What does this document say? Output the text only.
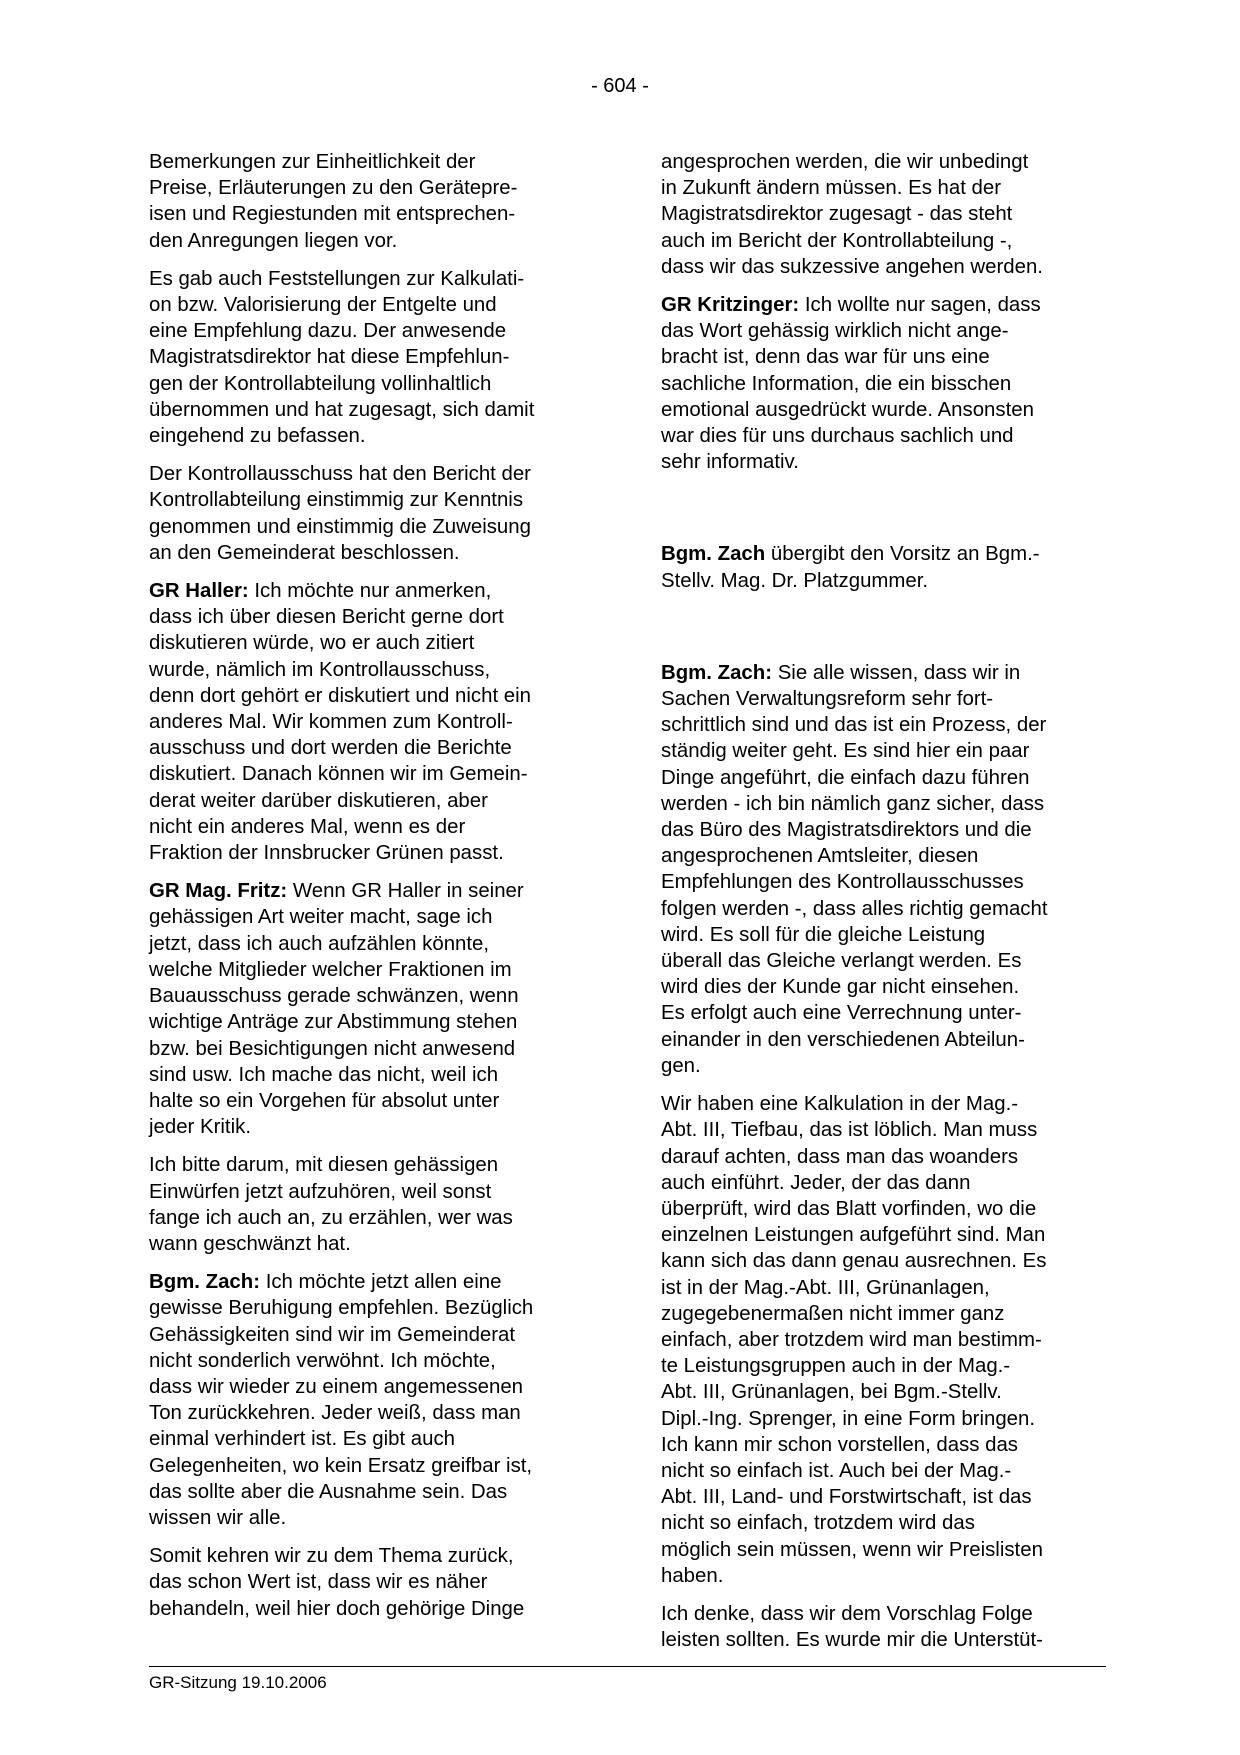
- 604 -

Bemerkungen zur Einheitlichkeit der
Preise, Erläuterungen zu den Gerätepre-
isen und Regiestunden mit entsprechen-
den Anregungen liegen vor.

Es gab auch Feststellungen zur Kalkulati-
on bzw. Valorisierung der Entgelte und
eine Empfehlung dazu. Der anwesende
Magistratsdirektor hat diese Empfehlun-
gen der Kontrollabteilung vollinhaltlich
übernommen und hat zugesagt, sich damit
eingehend zu befassen.

Der Kontrollausschuss hat den Bericht der
Kontrollabteilung einstimmig zur Kenntnis
genommen und einstimmig die Zuweisung
an den Gemeinderat beschlossen.

GR Haller: Ich möchte nur anmerken,
dass ich über diesen Bericht gerne dort
diskutieren würde, wo er auch zitiert
wurde, nämlich im Kontrollausschuss,
denn dort gehört er diskutiert und nicht ein
anderes Mal. Wir kommen zum Kontroll-
ausschuss und dort werden die Berichte
diskutiert. Danach können wir im Gemein-
derat weiter darüber diskutieren, aber
nicht ein anderes Mal, wenn es der
Fraktion der Innsbrucker Grünen passt.

GR Mag. Fritz: Wenn GR Haller in seiner
gehässigen Art weiter macht, sage ich
jetzt, dass ich auch aufzählen könnte,
welche Mitglieder welcher Fraktionen im
Bauausschuss gerade schwänzen, wenn
wichtige Anträge zur Abstimmung stehen
bzw. bei Besichtigungen nicht anwesend
sind usw. Ich mache das nicht, weil ich
halte so ein Vorgehen für absolut unter
jeder Kritik.

Ich bitte darum, mit diesen gehässigen
Einwürfen jetzt aufzuhören, weil sonst
fange ich auch an, zu erzählen, wer was
wann geschwänzt hat.

Bgm. Zach: Ich möchte jetzt allen eine
gewisse Beruhigung empfehlen. Bezüglich
Gehässigkeiten sind wir im Gemeinderat
nicht sonderlich verwöhnt. Ich möchte,
dass wir wieder zu einem angemessenen
Ton zurückkehren. Jeder weiß, dass man
einmal verhindert ist. Es gibt auch
Gelegenheiten, wo kein Ersatz greifbar ist,
das sollte aber die Ausnahme sein. Das
wissen wir alle.

Somit kehren wir zu dem Thema zurück,
das schon Wert ist, dass wir es näher
behandeln, weil hier doch gehörige Dinge

angesprochen werden, die wir unbedingt
in Zukunft ändern müssen. Es hat der
Magistratsdirektor zugesagt - das steht
auch im Bericht der Kontrollabteilung -,
dass wir das sukzessive angehen werden.

GR Kritzinger: Ich wollte nur sagen, dass
das Wort gehässig wirklich nicht ange-
bracht ist, denn das war für uns eine
sachliche Information, die ein bisschen
emotional ausgedrückt wurde. Ansonsten
war dies für uns durchaus sachlich und
sehr informativ.

Bgm. Zach übergibt den Vorsitz an Bgm.-
Stellv. Mag. Dr. Platzgummer.

Bgm. Zach: Sie alle wissen, dass wir in
Sachen Verwaltungsreform sehr fort-
schrittlich sind und das ist ein Prozess, der
ständig weiter geht. Es sind hier ein paar
Dinge angeführt, die einfach dazu führen
werden - ich bin nämlich ganz sicher, dass
das Büro des Magistratsdirektors und die
angesprochenen Amtsleiter, diesen
Empfehlungen des Kontrollausschusses
folgen werden -, dass alles richtig gemacht
wird. Es soll für die gleiche Leistung
überall das Gleiche verlangt werden. Es
wird dies der Kunde gar nicht einsehen.
Es erfolgt auch eine Verrechnung unter-
einander in den verschiedenen Abteilun-
gen.

Wir haben eine Kalkulation in der Mag.-
Abt. III, Tiefbau, das ist löblich. Man muss
darauf achten, dass man das woanders
auch einführt. Jeder, der das dann
überprüft, wird das Blatt vorfinden, wo die
einzelnen Leistungen aufgeführt sind. Man
kann sich das dann genau ausrechnen. Es
ist in der Mag.-Abt. III, Grünanlagen,
zugegebenermaßen nicht immer ganz
einfach, aber trotzdem wird man bestimm-
te Leistungsgruppen auch in der Mag.-
Abt. III, Grünanlagen, bei Bgm.-Stellv.
Dipl.-Ing. Sprenger, in eine Form bringen.
Ich kann mir schon vorstellen, dass das
nicht so einfach ist. Auch bei der Mag.-
Abt. III, Land- und Forstwirtschaft, ist das
nicht so einfach, trotzdem wird das
möglich sein müssen, wenn wir Preislisten
haben.

Ich denke, dass wir dem Vorschlag Folge
leisten sollten. Es wurde mir die Unterstüt-

GR-Sitzung 19.10.2006
